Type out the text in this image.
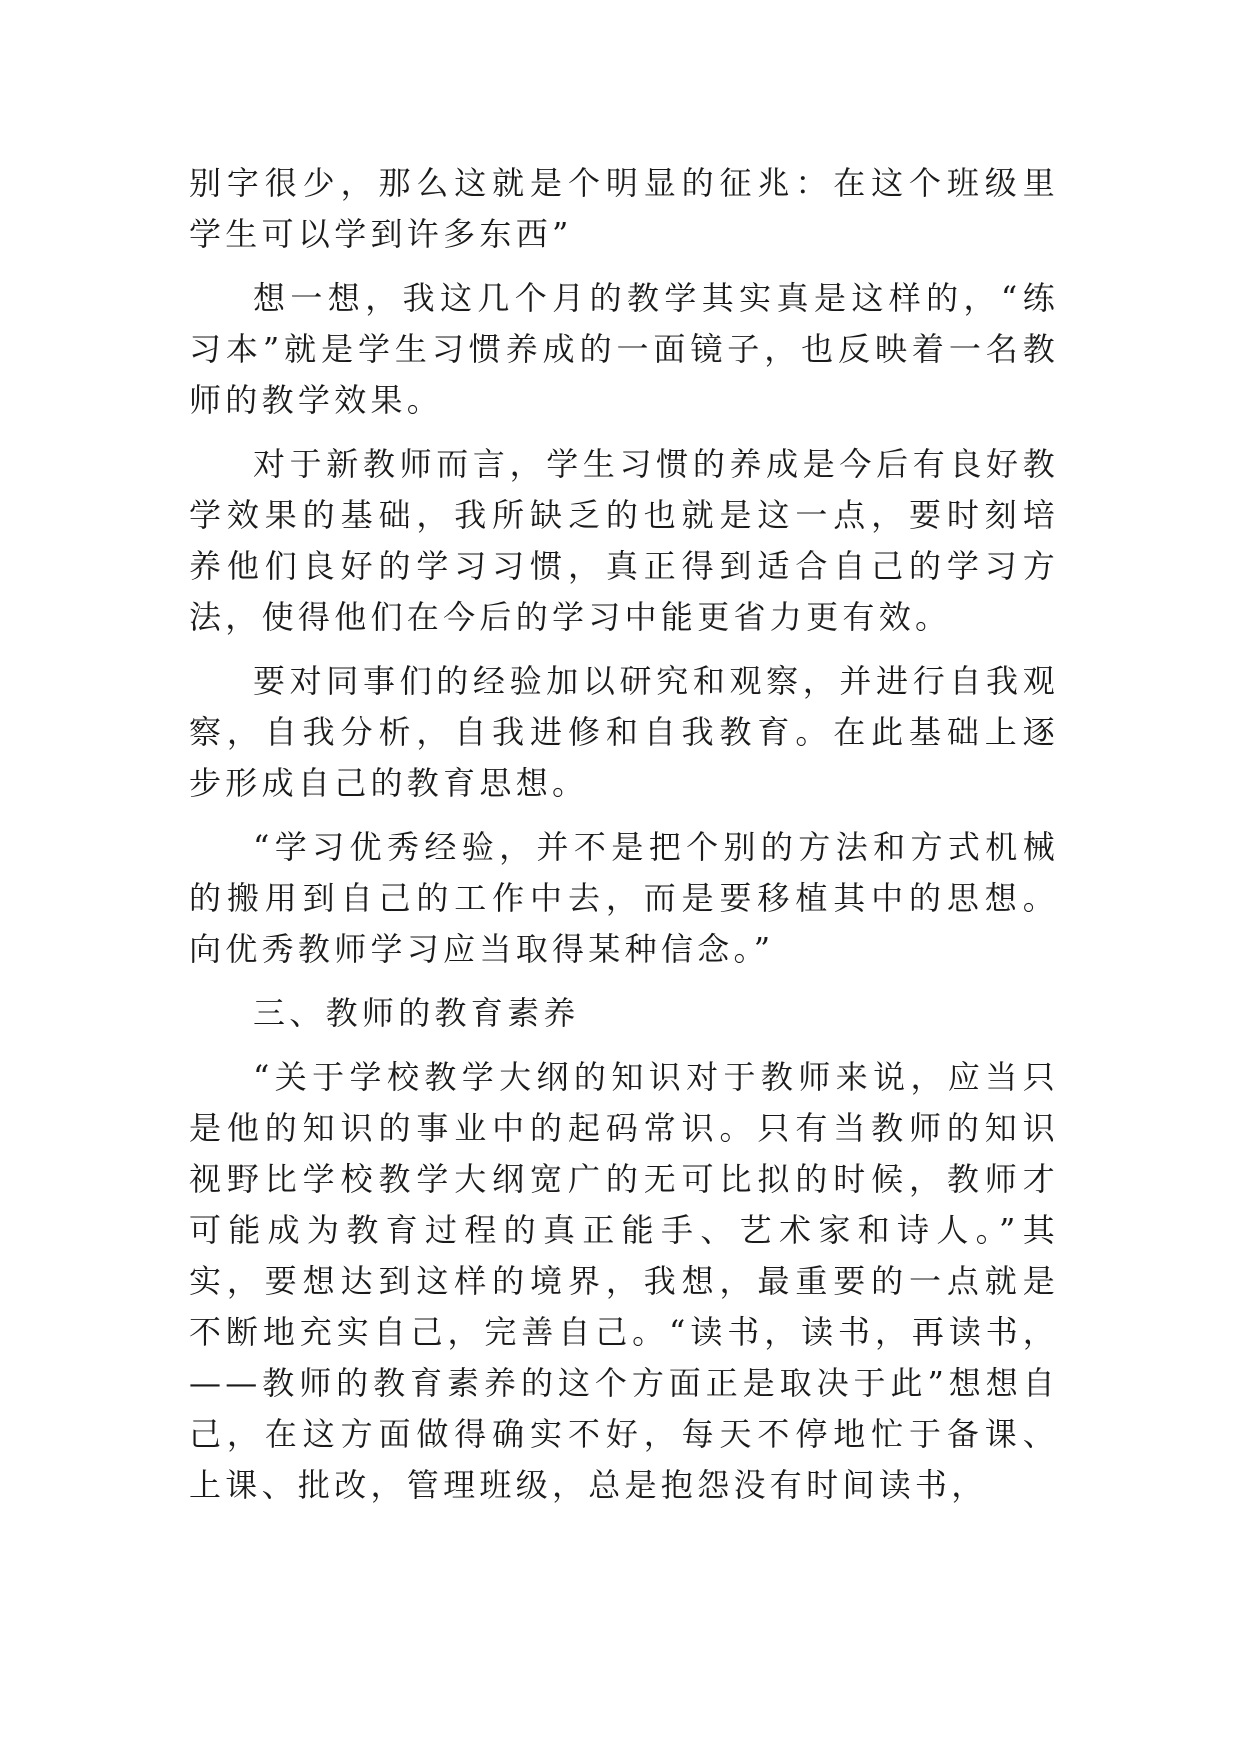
别字很少，那么这就是个明显的征兆：在这个班级里学生可以学到许多东西”

想一想，我这几个月的教学其实真是这样的，“练习本”就是学生习惯养成的一面镜子，也反映着一名教师的教学效果。

对于新教师而言，学生习惯的养成是今后有良好教学效果的基础，我所缺乏的也就是这一点，要时刻培养他们良好的学习习惯，真正得到适合自己的学习方法，使得他们在今后的学习中能更省力更有效。

要对同事们的经验加以研究和观察，并进行自我观察，自我分析，自我进修和自我教育。在此基础上逐步形成自己的教育思想。

“学习优秀经验，并不是把个别的方法和方式机械的搬用到自己的工作中去，而是要移植其中的思想。向优秀教师学习应当取得某种信念。”

三、教师的教育素养

“关于学校教学大纲的知识对于教师来说，应当只是他的知识的事业中的起码常识。只有当教师的知识视野比学校教学大纲宽广的无可比拟的时候，教师才可能成为教育过程的真正能手、艺术家和诗人。”其实，要想达到这样的境界，我想，最重要的一点就是不断地充实自己，完善自己。“读书，读书，再读书，——教师的教育素养的这个方面正是取决于此”想想自己，在这方面做得确实不好，每天不停地忙于备课、上课、批改，管理班级，总是抱怨没有时间读书，
